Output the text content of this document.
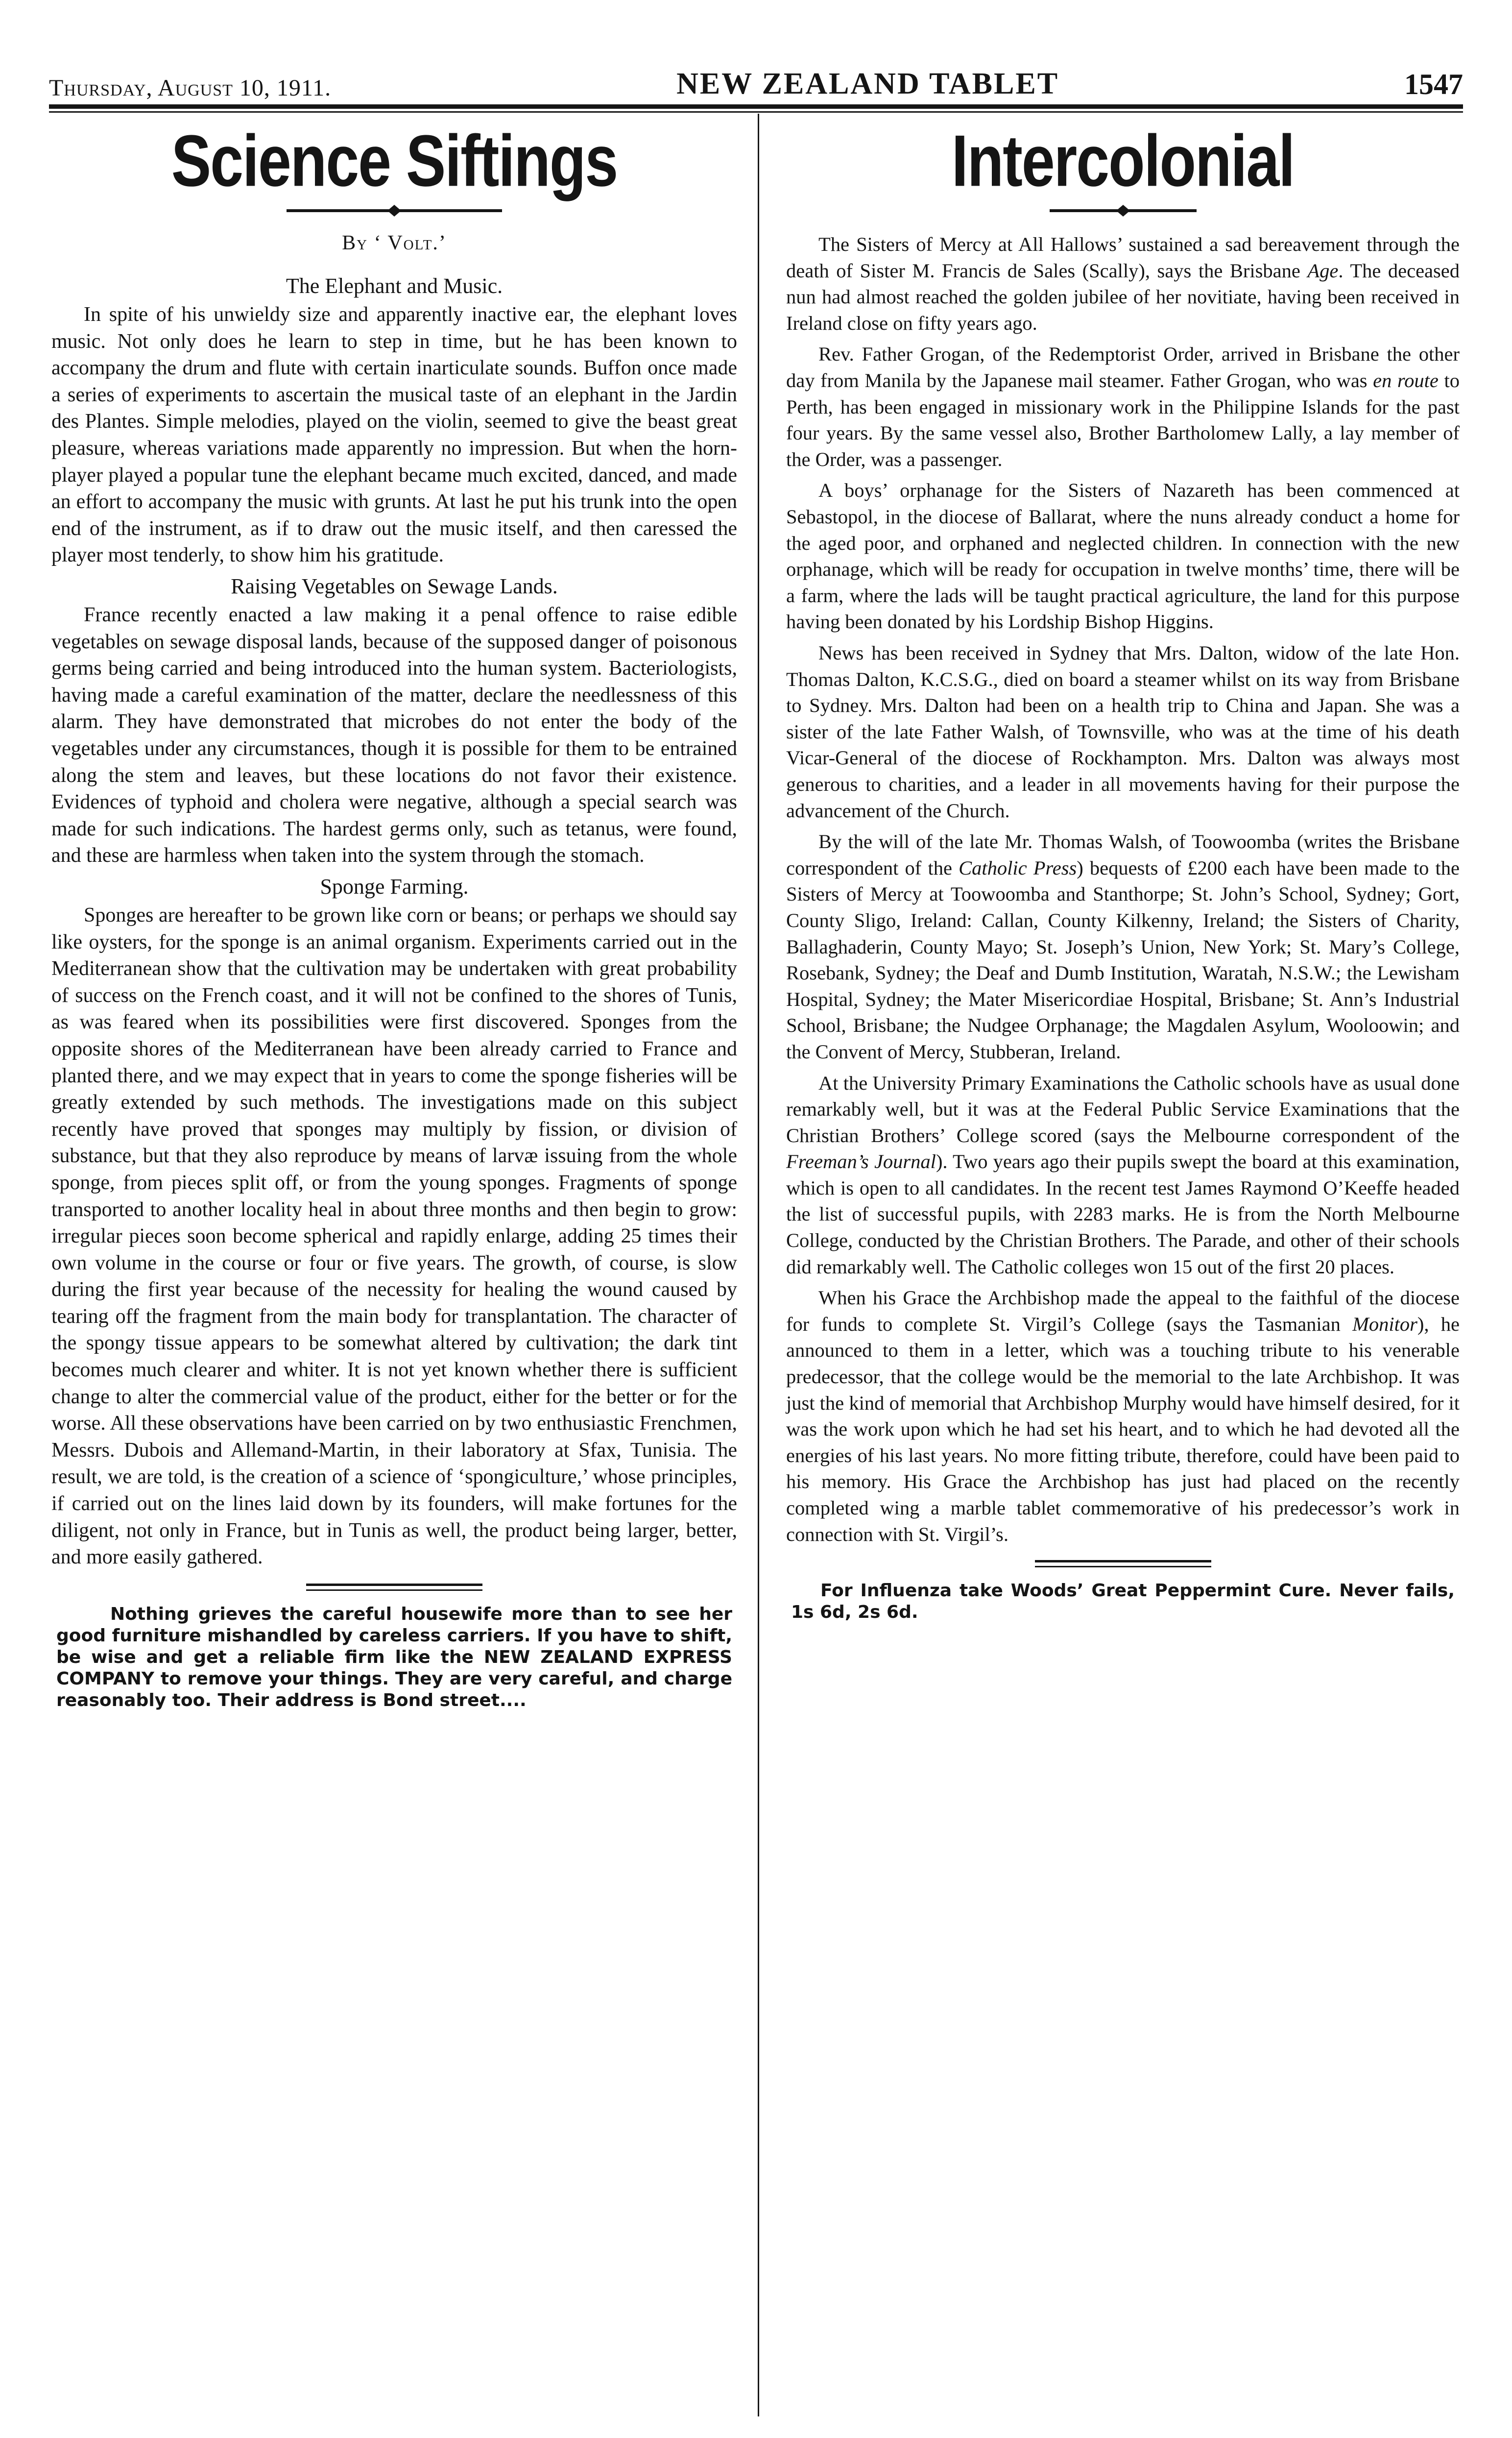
Thursday, August 10, 1911.	NEW ZEALAND TABLET	1547
Science Siftings
By ‘ Volt.’
The Elephant and Music.

In spite of his unwieldy size and apparently inactive ear, the elephant loves music. Not only does he learn to step in time, but he has been known to accompany the drum and flute with certain inarticulate sounds. Buffon once made a series of experiments to ascertain the musical taste of an elephant in the Jardin des Plantes. Simple melodies, played on the violin, seemed to give the beast great pleasure, whereas variations made apparently no impression. But when the horn-player played a popular tune the elephant became much excited, danced, and made an effort to accompany the music with grunts. At last he put his trunk into the open end of the instrument, as if to draw out the music itself, and then caressed the player most tenderly, to show him his gratitude.

Raising Vegetables on Sewage Lands.

France recently enacted a law making it a penal offence to raise edible vegetables on sewage disposal lands, because of the supposed danger of poisonous germs being carried and being introduced into the human system. Bacteriologists, having made a careful examination of the matter, declare the needlessness of this alarm. They have demonstrated that microbes do not enter the body of the vegetables under any circumstances, though it is possible for them to be entrained along the stem and leaves, but these locations do not favor their existence. Evidences of typhoid and cholera were negative, although a special search was made for such indications. The hardest germs only, such as tetanus, were found, and these are harmless when taken into the system through the stomach.

Sponge Farming.

Sponges are hereafter to be grown like corn or beans; or perhaps we should say like oysters, for the sponge is an animal organism. Experiments carried out in the Mediterranean show that the cultivation may be undertaken with great probability of success on the French coast, and it will not be confined to the shores of Tunis, as was feared when its possibilities were first discovered. Sponges from the opposite shores of the Mediterranean have been already carried to France and planted there, and we may expect that in years to come the sponge fisheries will be greatly extended by such methods. The investigations made on this subject recently have proved that sponges may multiply by fission, or division of substance, but that they also reproduce by means of larvæ issuing from the whole sponge, from pieces split off, or from the young sponges. Fragments of sponge transported to another locality heal in about three months and then begin to grow: irregular pieces soon become spherical and rapidly enlarge, adding 25 times their own volume in the course or four or five years. The growth, of course, is slow during the first year because of the necessity for healing the wound caused by tearing off the fragment from the main body for transplantation. The character of the spongy tissue appears to be somewhat altered by cultivation; the dark tint becomes much clearer and whiter. It is not yet known whether there is sufficient change to alter the commercial value of the product, either for the better or for the worse. All these observations have been carried on by two enthusiastic Frenchmen, Messrs. Dubois and Allemand-Martin, in their laboratory at Sfax, Tunisia. The result, we are told, is the creation of a science of ‘spongiculture,’ whose principles, if carried out on the lines laid down by its founders, will make fortunes for the diligent, not only in France, but in Tunis as well, the product being larger, better, and more easily gathered.

Nothing grieves the careful housewife more than to see her good furniture mishandled by careless carriers. If you have to shift, be wise and get a reliable firm like the NEW ZEALAND EXPRESS COMPANY to remove your things. They are very careful, and charge reasonably too. Their address is Bond street....

Intercolonial

The Sisters of Mercy at All Hallows’ sustained a sad bereavement through the death of Sister M. Francis de Sales (Scally), says the Brisbane Age. The deceased nun had almost reached the golden jubilee of her novitiate, having been received in Ireland close on fifty years ago.

Rev. Father Grogan, of the Redemptorist Order, arrived in Brisbane the other day from Manila by the Japanese mail steamer. Father Grogan, who was en route to Perth, has been engaged in missionary work in the Philippine Islands for the past four years. By the same vessel also, Brother Bartholomew Lally, a lay member of the Order, was a passenger.

A boys’ orphanage for the Sisters of Nazareth has been commenced at Sebastopol, in the diocese of Ballarat, where the nuns already conduct a home for the aged poor, and orphaned and neglected children. In connection with the new orphanage, which will be ready for occupation in twelve months’ time, there will be a farm, where the lads will be taught practical agriculture, the land for this purpose having been donated by his Lordship Bishop Higgins.

News has been received in Sydney that Mrs. Dalton, widow of the late Hon. Thomas Dalton, K.C.S.G., died on board a steamer whilst on its way from Brisbane to Sydney. Mrs. Dalton had been on a health trip to China and Japan. She was a sister of the late Father Walsh, of Townsville, who was at the time of his death Vicar-General of the diocese of Rockhampton. Mrs. Dalton was always most generous to charities, and a leader in all movements having for their purpose the advancement of the Church.

By the will of the late Mr. Thomas Walsh, of Toowoomba (writes the Brisbane correspondent of the Catholic Press) bequests of £200 each have been made to the Sisters of Mercy at Toowoomba and Stanthorpe; St. John’s School, Sydney; Gort, County Sligo, Ireland: Callan, County Kilkenny, Ireland; the Sisters of Charity, Ballaghaderin, County Mayo; St. Joseph’s Union, New York; St. Mary’s College, Rosebank, Sydney; the Deaf and Dumb Institution, Waratah, N.S.W.; the Lewisham Hospital, Sydney; the Mater Misericordiae Hospital, Brisbane; St. Ann’s Industrial School, Brisbane; the Nudgee Orphanage; the Magdalen Asylum, Wooloowin; and the Convent of Mercy, Stubberan, Ireland.

At the University Primary Examinations the Catholic schools have as usual done remarkably well, but it was at the Federal Public Service Examinations that the Christian Brothers’ College scored (says the Melbourne correspondent of the Freeman’s Journal). Two years ago their pupils swept the board at this examination, which is open to all candidates. In the recent test James Raymond O’Keeffe headed the list of successful pupils, with 2283 marks. He is from the North Melbourne College, conducted by the Christian Brothers. The Parade, and other of their schools did remarkably well. The Catholic colleges won 15 out of the first 20 places.

When his Grace the Archbishop made the appeal to the faithful of the diocese for funds to complete St. Virgil’s College (says the Tasmanian Monitor), he announced to them in a letter, which was a touching tribute to his venerable predecessor, that the college would be the memorial to the late Archbishop. It was just the kind of memorial that Archbishop Murphy would have himself desired, for it was the work upon which he had set his heart, and to which he had devoted all the energies of his last years. No more fitting tribute, therefore, could have been paid to his memory. His Grace the Archbishop has just had placed on the recently completed wing a marble tablet commemorative of his predecessor’s work in connection with St. Virgil’s.

For Influenza take Woods’ Great Peppermint Cure. Never fails, 1s 6d, 2s 6d.
